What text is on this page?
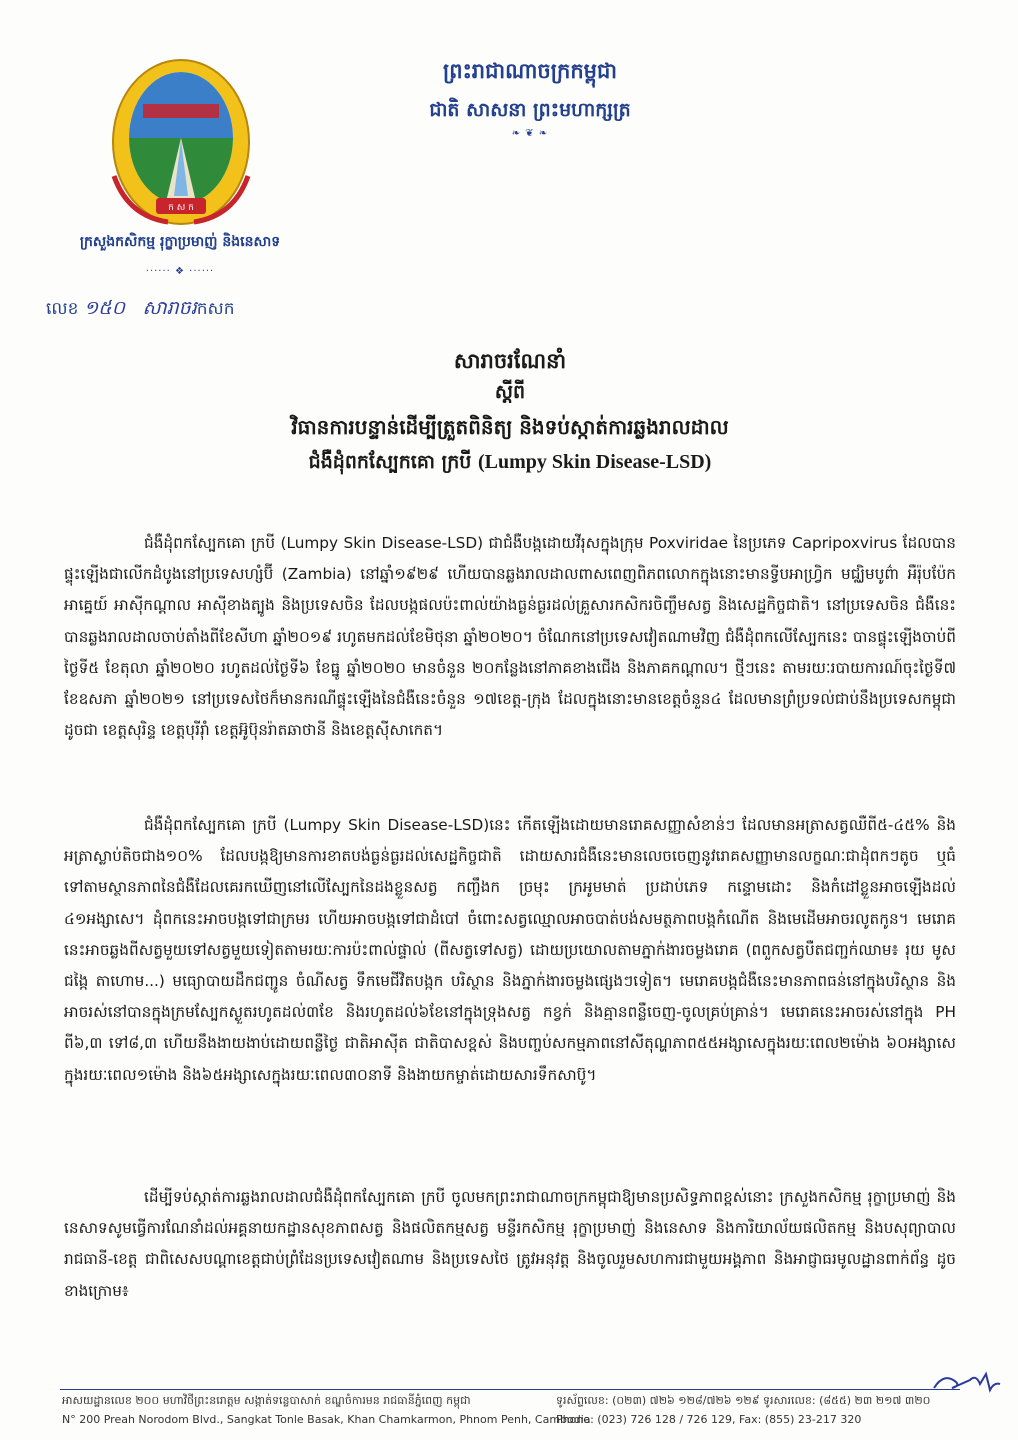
ក ស ក
ព្រះរាជាណាចក្រកម្ពុជា
ជាតិ សាសនា ព្រះមហាក្សត្រ
❧ ❦ ❧
ក្រសួងកសិកម្ម រុក្ខាប្រមាញ់ និងនេសាទ
······ ❖ ······
លេខ ១៥០ សារាចរកសក
សារាចរណែនាំ
ស្តីពី
វិធានការបន្ទាន់ដើម្បីត្រួតពិនិត្យ និងទប់ស្កាត់ការឆ្លងរាលដាល
ជំងឺដុំពកស្បែកគោ ក្របី (Lumpy Skin Disease-LSD)

ជំងឺដុំពកស្បែកគោ ក្របី (Lumpy Skin Disease-LSD) ជាជំងឺបង្កដោយវីរុសក្នុងក្រុម Poxviridae នៃប្រភេទ Capripoxvirus ដែលបានផ្ទុះឡើងជាលើកដំបូងនៅប្រទេសហ្សំប៊ី (Zambia) នៅឆ្នាំ១៩២៩ ហើយបានឆ្លងរាលដាលពាសពេញពិភពលោកក្នុងនោះមានទ្វីបអាហ្វ្រិក មជ្ឈិមបូព៌ា អឺរ៉ុបប៉ែកអាគ្នេយ៍ អាស៊ីកណ្តាល អាស៊ីខាងត្បូង និងប្រទេសចិន ដែលបង្កផលប៉ះពាល់យ៉ាងធ្ងន់ធ្ងរដល់គ្រួសារកសិករចិញ្ចឹមសត្វ និងសេដ្ឋកិច្ចជាតិ។ នៅប្រទេសចិន ជំងឺនេះបានឆ្លងរាលដាលចាប់តាំងពីខែសីហា ឆ្នាំ២០១៩ រហូតមកដល់ខែមិថុនា ឆ្នាំ២០២០។ ចំណែកនៅប្រទេសវៀតណាមវិញ ជំងឺដុំពកលើស្បែកនេះ បានផ្ទុះឡើងចាប់ពីថ្ងៃទី៥ ខែតុលា ឆ្នាំ២០២០ រហូតដល់ថ្ងៃទី៦ ខែធ្នូ ឆ្នាំ២០២០ មានចំនួន ២០កន្លែងនៅភាគខាងជើង និងភាគកណ្តាល។ ថ្មីៗនេះ តាមរយៈរបាយការណ៍ចុះថ្ងៃទី៧ ខែឧសភា ឆ្នាំ២០២១ នៅប្រទេសថៃក៏មានករណីផ្ទុះឡើងនៃជំងឺនេះចំនួន ១៧ខេត្ត-ក្រុង ដែលក្នុងនោះមានខេត្តចំនួន៤ ដែលមានព្រំប្រទល់ជាប់នឹងប្រទេសកម្ពុជា ដូចជា ខេត្តសុរិន្ទ ខេត្តបុរីរ៉ាំ ខេត្តអ៊ូប៊ុនរ៉ាតឆាថានី និងខេត្តស៊ីសាកេត។

ជំងឺដុំពកស្បែកគោ ក្របី (Lumpy Skin Disease-LSD)នេះ កើតឡើងដោយមានរោគសញ្ញាសំខាន់ៗ ដែលមានអត្រាសត្វឈឺពី៥-៤៥% និងអត្រាស្លាប់តិចជាង១០% ដែលបង្កឱ្យមានការខាតបង់ធ្ងន់ធ្ងរដល់សេដ្ឋកិច្ចជាតិ ដោយសារជំងឺនេះមានលេចចេញនូវរោគសញ្ញាមានលក្ខណៈជាដុំពកៗតូច ឬធំទៅតាមស្ថានភាពនៃជំងឺដែលគេរកឃើញនៅលើស្បែកនៃដងខ្លួនសត្វ កញ្ចឹងក ច្រមុះ ក្រអូមមាត់ ប្រដាប់ភេទ កន្ទោមដោះ និងកំដៅខ្លួនអាចឡើងដល់ ៤១អង្សាសេ។ ដុំពកនេះអាចបង្កទៅជាក្រមរ ហើយអាចបង្កទៅជាដំបៅ ចំពោះសត្វឈ្មោលអាចបាត់បង់សមត្ថភាពបង្កកំណើត និងមេដើមអាចរលូតកូន។ មេរោគនេះអាចឆ្លងពីសត្វមួយទៅសត្វមួយទៀតតាមរយៈការប៉ះពាល់ផ្ទាល់ (ពីសត្វទៅសត្វ) ដោយប្រយោលតាមភ្នាក់ងារចម្លងរោគ (ពពួកសត្វបឺតជញ្ជក់ឈាម៖ រុយ មូស ជង្កៃ តាហោម...) មធ្យោបាយដឹកជញ្ជូន ចំណីសត្វ ទឹកមេជីវិតបង្កក បរិស្ថាន និងភ្នាក់ងារចម្លងផ្សេងៗទៀត។ មេរោគបង្កជំងឺនេះមានភាពធន់នៅក្នុងបរិស្ថាន និងអាចរស់នៅបានក្នុងក្រមស្បែកស្ងួតរហូតដល់៣ខែ និងរហូតដល់៦ខែនៅក្នុងទ្រុងសត្វ កខ្វក់ និងគ្មានពន្លឺចេញ-ចូលគ្រប់គ្រាន់។ មេរោគនេះអាចរស់នៅក្នុង PH ពី៦,៣ ទៅ៨,៣ ហើយនឹងងាយងាប់ដោយពន្លឺថ្ងៃ ជាតិអាស៊ីត ជាតិបាសខ្ពស់ និងបញ្ចប់សកម្មភាពនៅសីតុណ្ហភាព៥៥អង្សាសេក្នុងរយៈពេល២ម៉ោង ៦០អង្សាសេក្នុងរយៈពេល១ម៉ោង និង៦៥អង្សាសេក្នុងរយៈពេល៣០នាទី និងងាយកម្ចាត់ដោយសារទឹកសាប៊ូ។

ដើម្បីទប់ស្កាត់ការឆ្លងរាលដាលជំងឺដុំពកស្បែកគោ ក្របី ចូលមកព្រះរាជាណាចក្រកម្ពុជាឱ្យមានប្រសិទ្ធភាពខ្ពស់នោះ ក្រសួងកសិកម្ម រុក្ខាប្រមាញ់ និងនេសាទសូមធ្វើការណែនាំដល់អគ្គនាយកដ្ឋានសុខភាពសត្វ និងផលិតកម្មសត្វ មន្ទីរកសិកម្ម រុក្ខាប្រមាញ់ និងនេសាទ និងការិយាល័យផលិតកម្ម និងបសុព្យាបាលរាជធានី-ខេត្ត ជាពិសេសបណ្តាខេត្តជាប់ព្រំដែនប្រទេសវៀតណាម និងប្រទេសថៃ ត្រូវអនុវត្ត និងចូលរួមសហការជាមួយអង្គភាព និងអាជ្ញាធរមូលដ្ឋានពាក់ព័ន្ធ ដូចខាងក្រោម៖

អាសយដ្ឋានលេខ ២០០ មហាវិថីព្រះនរោត្តម សង្កាត់ទន្លេបាសាក់ ខណ្ឌចំការមន រាជធានីភ្នំពេញ កម្ពុជា
N° 200 Preah Norodom Blvd., Sangkat Tonle Basak, Khan Chamkarmon, Phnom Penh, Cambodia
ទូរស័ព្ទលេខ: (០២៣) ៧២៦ ១២៨/៧២៦ ១២៩ ទូរសារលេខ: (៨៥៥) ២៣ ២១៧ ៣២០
Phone: (023) 726 128 / 726 129, Fax: (855) 23-217 320
